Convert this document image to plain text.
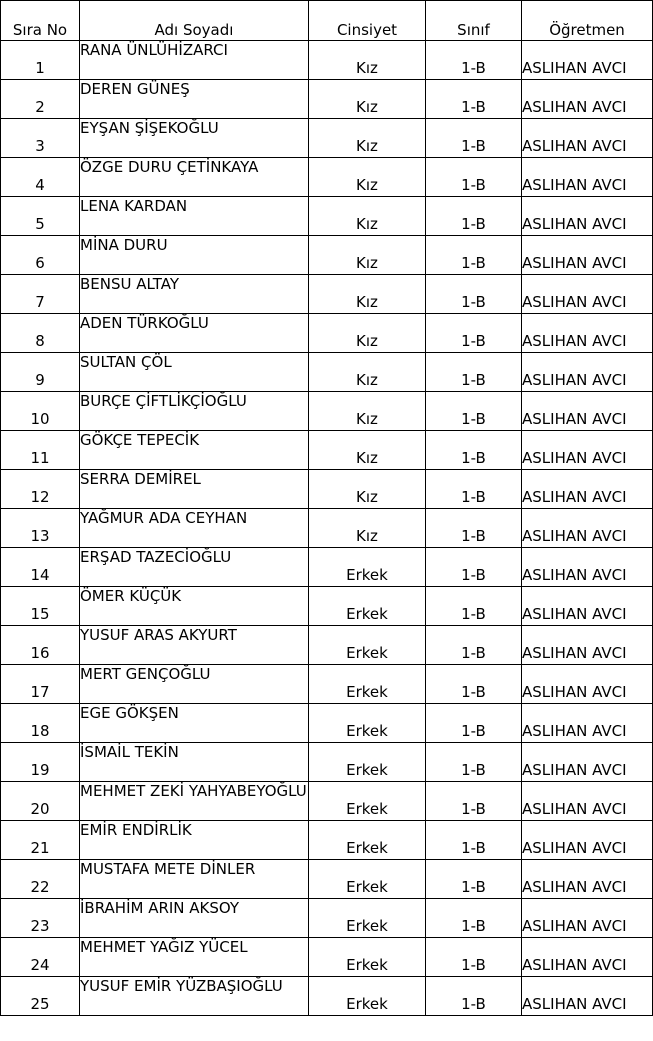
Sıra No	Adı Soyadı	Cinsiyet	Sınıf	Öğretmen
1	RANA ÜNLÜHİZARCI	Kız	1-B	ASLIHAN AVCI
2	DEREN GÜNEŞ	Kız	1-B	ASLIHAN AVCI
3	EYŞAN ŞİŞEKOĞLU	Kız	1-B	ASLIHAN AVCI
4	ÖZGE DURU ÇETİNKAYA	Kız	1-B	ASLIHAN AVCI
5	LENA KARDAN	Kız	1-B	ASLIHAN AVCI
6	MİNA DURU	Kız	1-B	ASLIHAN AVCI
7	BENSU ALTAY	Kız	1-B	ASLIHAN AVCI
8	ADEN TÜRKOĞLU	Kız	1-B	ASLIHAN AVCI
9	SULTAN ÇÖL	Kız	1-B	ASLIHAN AVCI
10	BURÇE ÇİFTLİKÇİOĞLU	Kız	1-B	ASLIHAN AVCI
11	GÖKÇE TEPECİK	Kız	1-B	ASLIHAN AVCI
12	SERRA DEMİREL	Kız	1-B	ASLIHAN AVCI
13	YAĞMUR ADA CEYHAN	Kız	1-B	ASLIHAN AVCI
14	ERŞAD TAZECİOĞLU	Erkek	1-B	ASLIHAN AVCI
15	ÖMER KÜÇÜK	Erkek	1-B	ASLIHAN AVCI
16	YUSUF ARAS AKYURT	Erkek	1-B	ASLIHAN AVCI
17	MERT GENÇOĞLU	Erkek	1-B	ASLIHAN AVCI
18	EGE GÖKŞEN	Erkek	1-B	ASLIHAN AVCI
19	İSMAİL TEKİN	Erkek	1-B	ASLIHAN AVCI
20	MEHMET ZEKİ YAHYABEYOĞLU	Erkek	1-B	ASLIHAN AVCI
21	EMİR ENDİRLİK	Erkek	1-B	ASLIHAN AVCI
22	MUSTAFA METE DİNLER	Erkek	1-B	ASLIHAN AVCI
23	İBRAHİM ARIN AKSOY	Erkek	1-B	ASLIHAN AVCI
24	MEHMET YAĞIZ YÜCEL	Erkek	1-B	ASLIHAN AVCI
25	YUSUF EMİR YÜZBAŞIOĞLU	Erkek	1-B	ASLIHAN AVCI
